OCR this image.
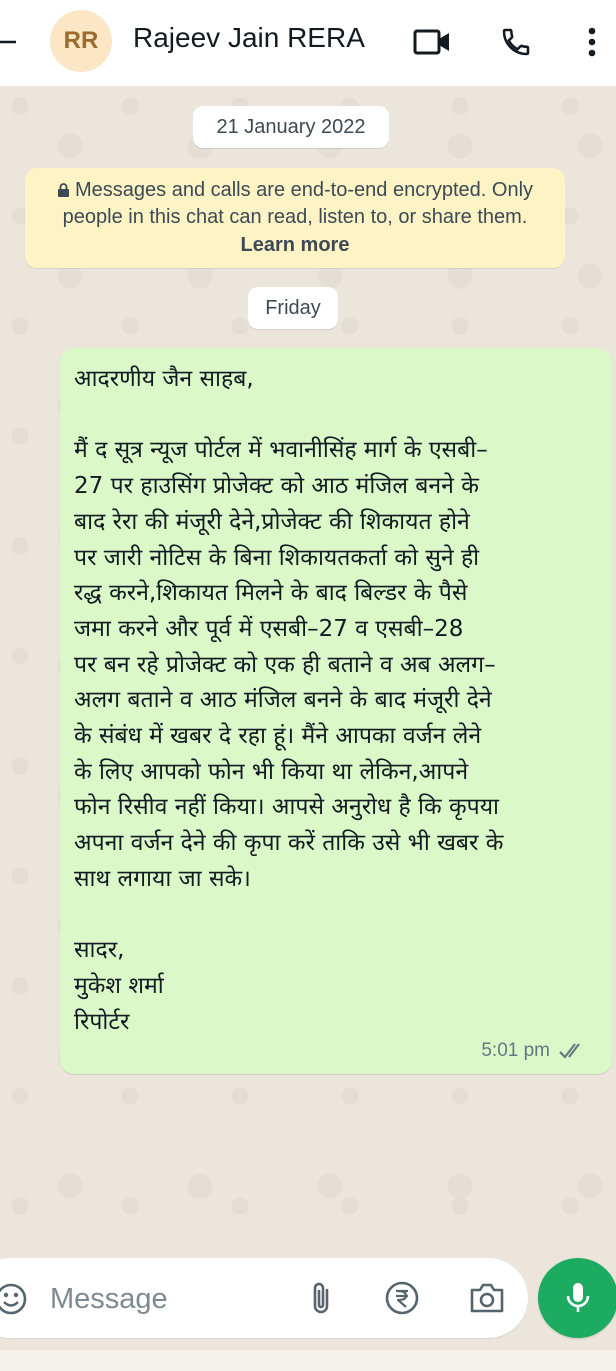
RR	Rajeev Jain RERA
21 January 2022
Messages and calls are end-to-end encrypted. Only people in this chat can read, listen to, or share them. Learn more
Friday
आदरणीय जैन साहब,

मैं द सूत्र न्यूज पोर्टल में भवानीसिंह मार्ग के एसबी–
27 पर हाउसिंग प्रोजेक्ट को आठ मंजिल बनने के
बाद रेरा की मंजूरी देने,प्रोजेक्ट की शिकायत होने
पर जारी नोटिस के बिना शिकायतकर्ता को सुने ही
रद्ध करने,शिकायत मिलने के बाद बिल्डर के पैसे
जमा करने और पूर्व में एसबी–27 व एसबी–28
पर बन रहे प्रोजेक्ट को एक ही बताने व अब अलग–
अलग बताने व आठ मंजिल बनने के बाद मंजूरी देने
के संबंध में खबर दे रहा हूं। मैंने आपका वर्जन लेने
के लिए आपको फोन भी किया था लेकिन,आपने
फोन रिसीव नहीं किया। आपसे अनुरोध है कि कृपया
अपना वर्जन देने की कृपा करें ताकि उसे भी खबर के
साथ लगाया जा सके।

सादर,
मुकेश शर्मा
रिपोर्टर
5:01 pm
Message
